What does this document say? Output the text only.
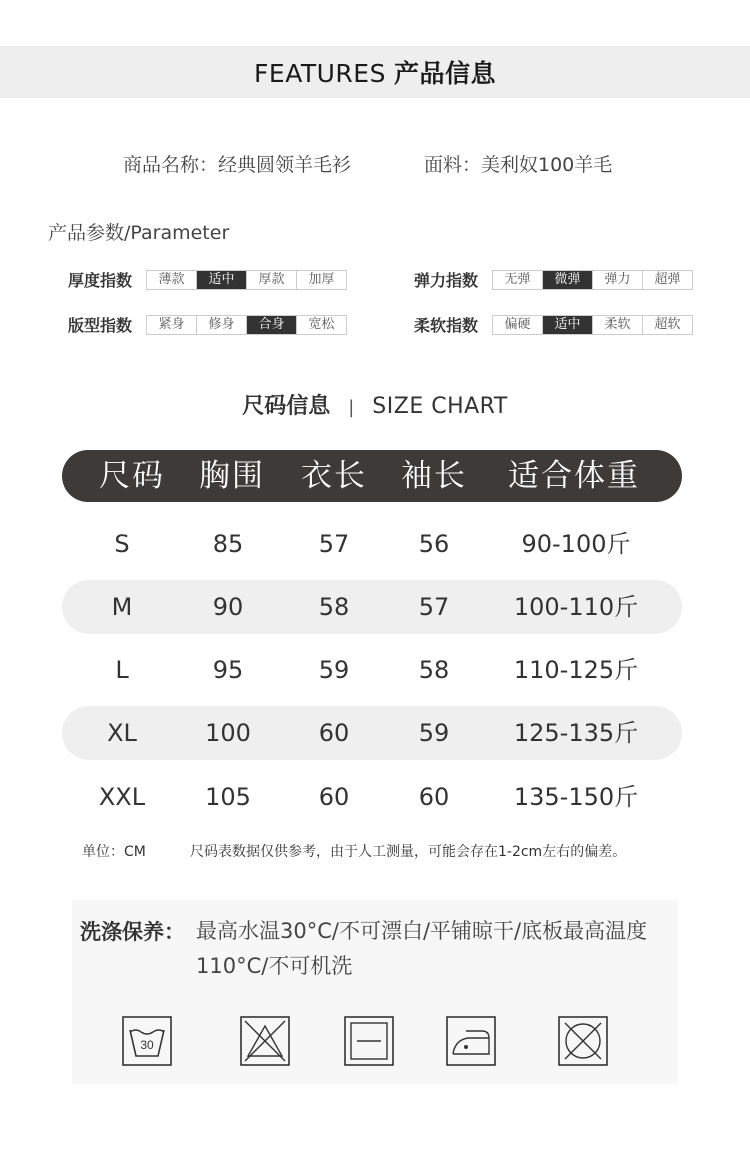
FEATURES 产品信息
商品名称：经典圆领羊毛衫	面料：美利奴100羊毛
产品参数/Parameter
厚度指数	薄款	适中	厚款	加厚	弹力指数	无弹	微弹	弹力	超弹
版型指数	紧身	修身	合身	宽松	柔软指数	偏硬	适中	柔软	超软
尺码信息 | SIZE CHART
尺码	胸围	衣长	袖长	适合体重
S	85	57	56	90-100斤
M	90	58	57	100-110斤
L	95	59	58	110-125斤
XL	100	60	59	125-135斤
XXL	105	60	60	135-150斤
单位：CM	尺码表数据仅供参考，由于人工测量，可能会存在1-2cm左右的偏差。
洗涤保养： 最高水温30°C/不可漂白/平铺晾干/底板最高温度110°C/不可机洗
30
